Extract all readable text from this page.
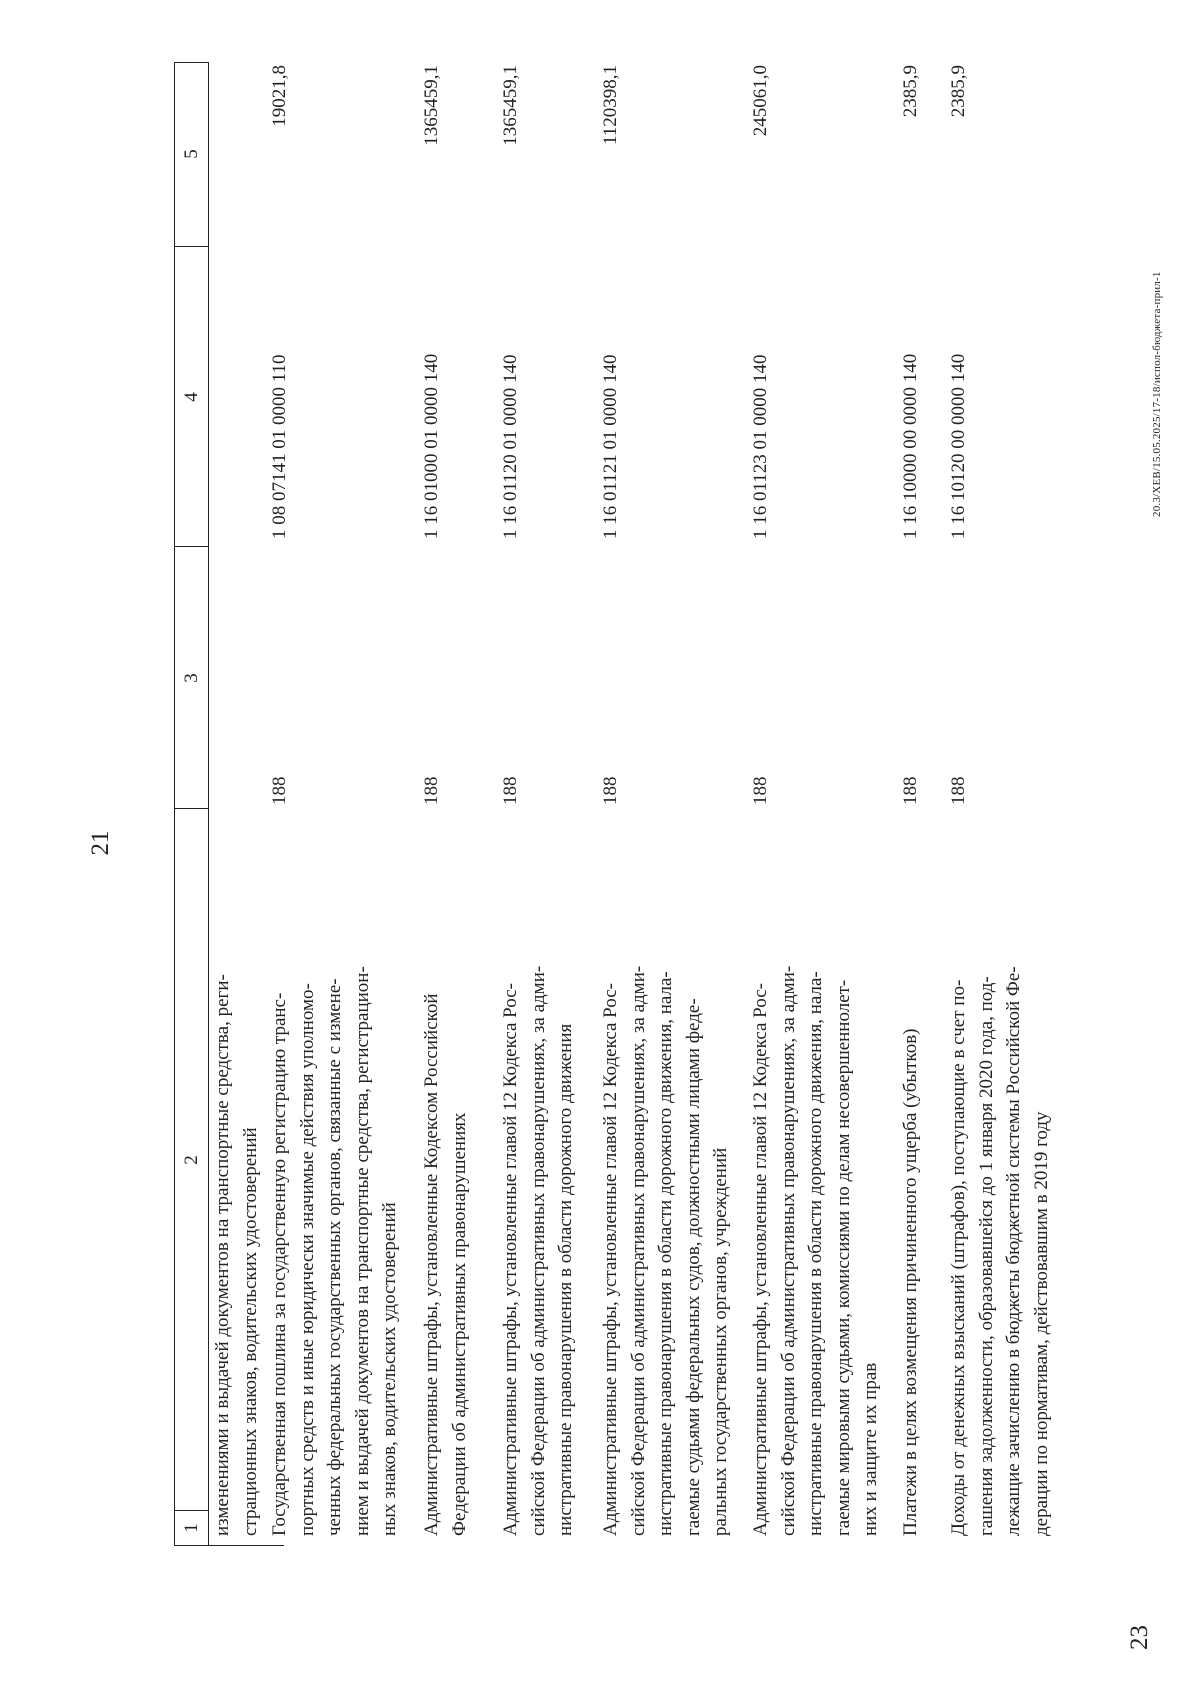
21
1
2
3
4
5
изменениями и выдачей документов на транспортные средства, реги-
страционных знаков, водительских удостоверений
Государственная пошлина за государственную регистрацию транс-
портных средств и иные юридически значимые действия уполномо-
ченных федеральных государственных органов, связанные с измене-
нием и выдачей документов на транспортные средства, регистрацион-
ных знаков, водительских удостоверений
188
1 08 07141 01 0000 110
19021,8
Административные штрафы, установленные Кодексом Российской
Федерации об административных правонарушениях
188
1 16 01000 01 0000 140
1365459,1
Административные штрафы, установленные главой 12 Кодекса Рос-
сийской Федерации об административных правонарушениях, за адми-
нистративные правонарушения в области дорожного движения
188
1 16 01120 01 0000 140
1365459,1
Административные штрафы, установленные главой 12 Кодекса Рос-
сийской Федерации об административных правонарушениях, за адми-
нистративные правонарушения в области дорожного движения, нала-
гаемые судьями федеральных судов, должностными лицами феде-
ральных государственных органов, учреждений
188
1 16 01121 01 0000 140
1120398,1
Административные штрафы, установленные главой 12 Кодекса Рос-
сийской Федерации об административных правонарушениях, за адми-
нистративные правонарушения в области дорожного движения, нала-
гаемые мировыми судьями, комиссиями по делам несовершеннолет-
них и защите их прав
188
1 16 01123 01 0000 140
245061,0
Платежи в целях возмещения причиненного ущерба (убытков)
188
1 16 10000 00 0000 140
2385,9
Доходы от денежных взысканий (штрафов), поступающие в счет по-
гашения задолженности, образовавшейся до 1 января 2020 года, под-
лежащие зачислению в бюджеты бюджетной системы Российской Фе-
дерации по нормативам, действовавшим в 2019 году
188
1 16 10120 00 0000 140
2385,9
20.3/XEB/15.05.2025/17-18/испол-бюджета-прил-1
23
